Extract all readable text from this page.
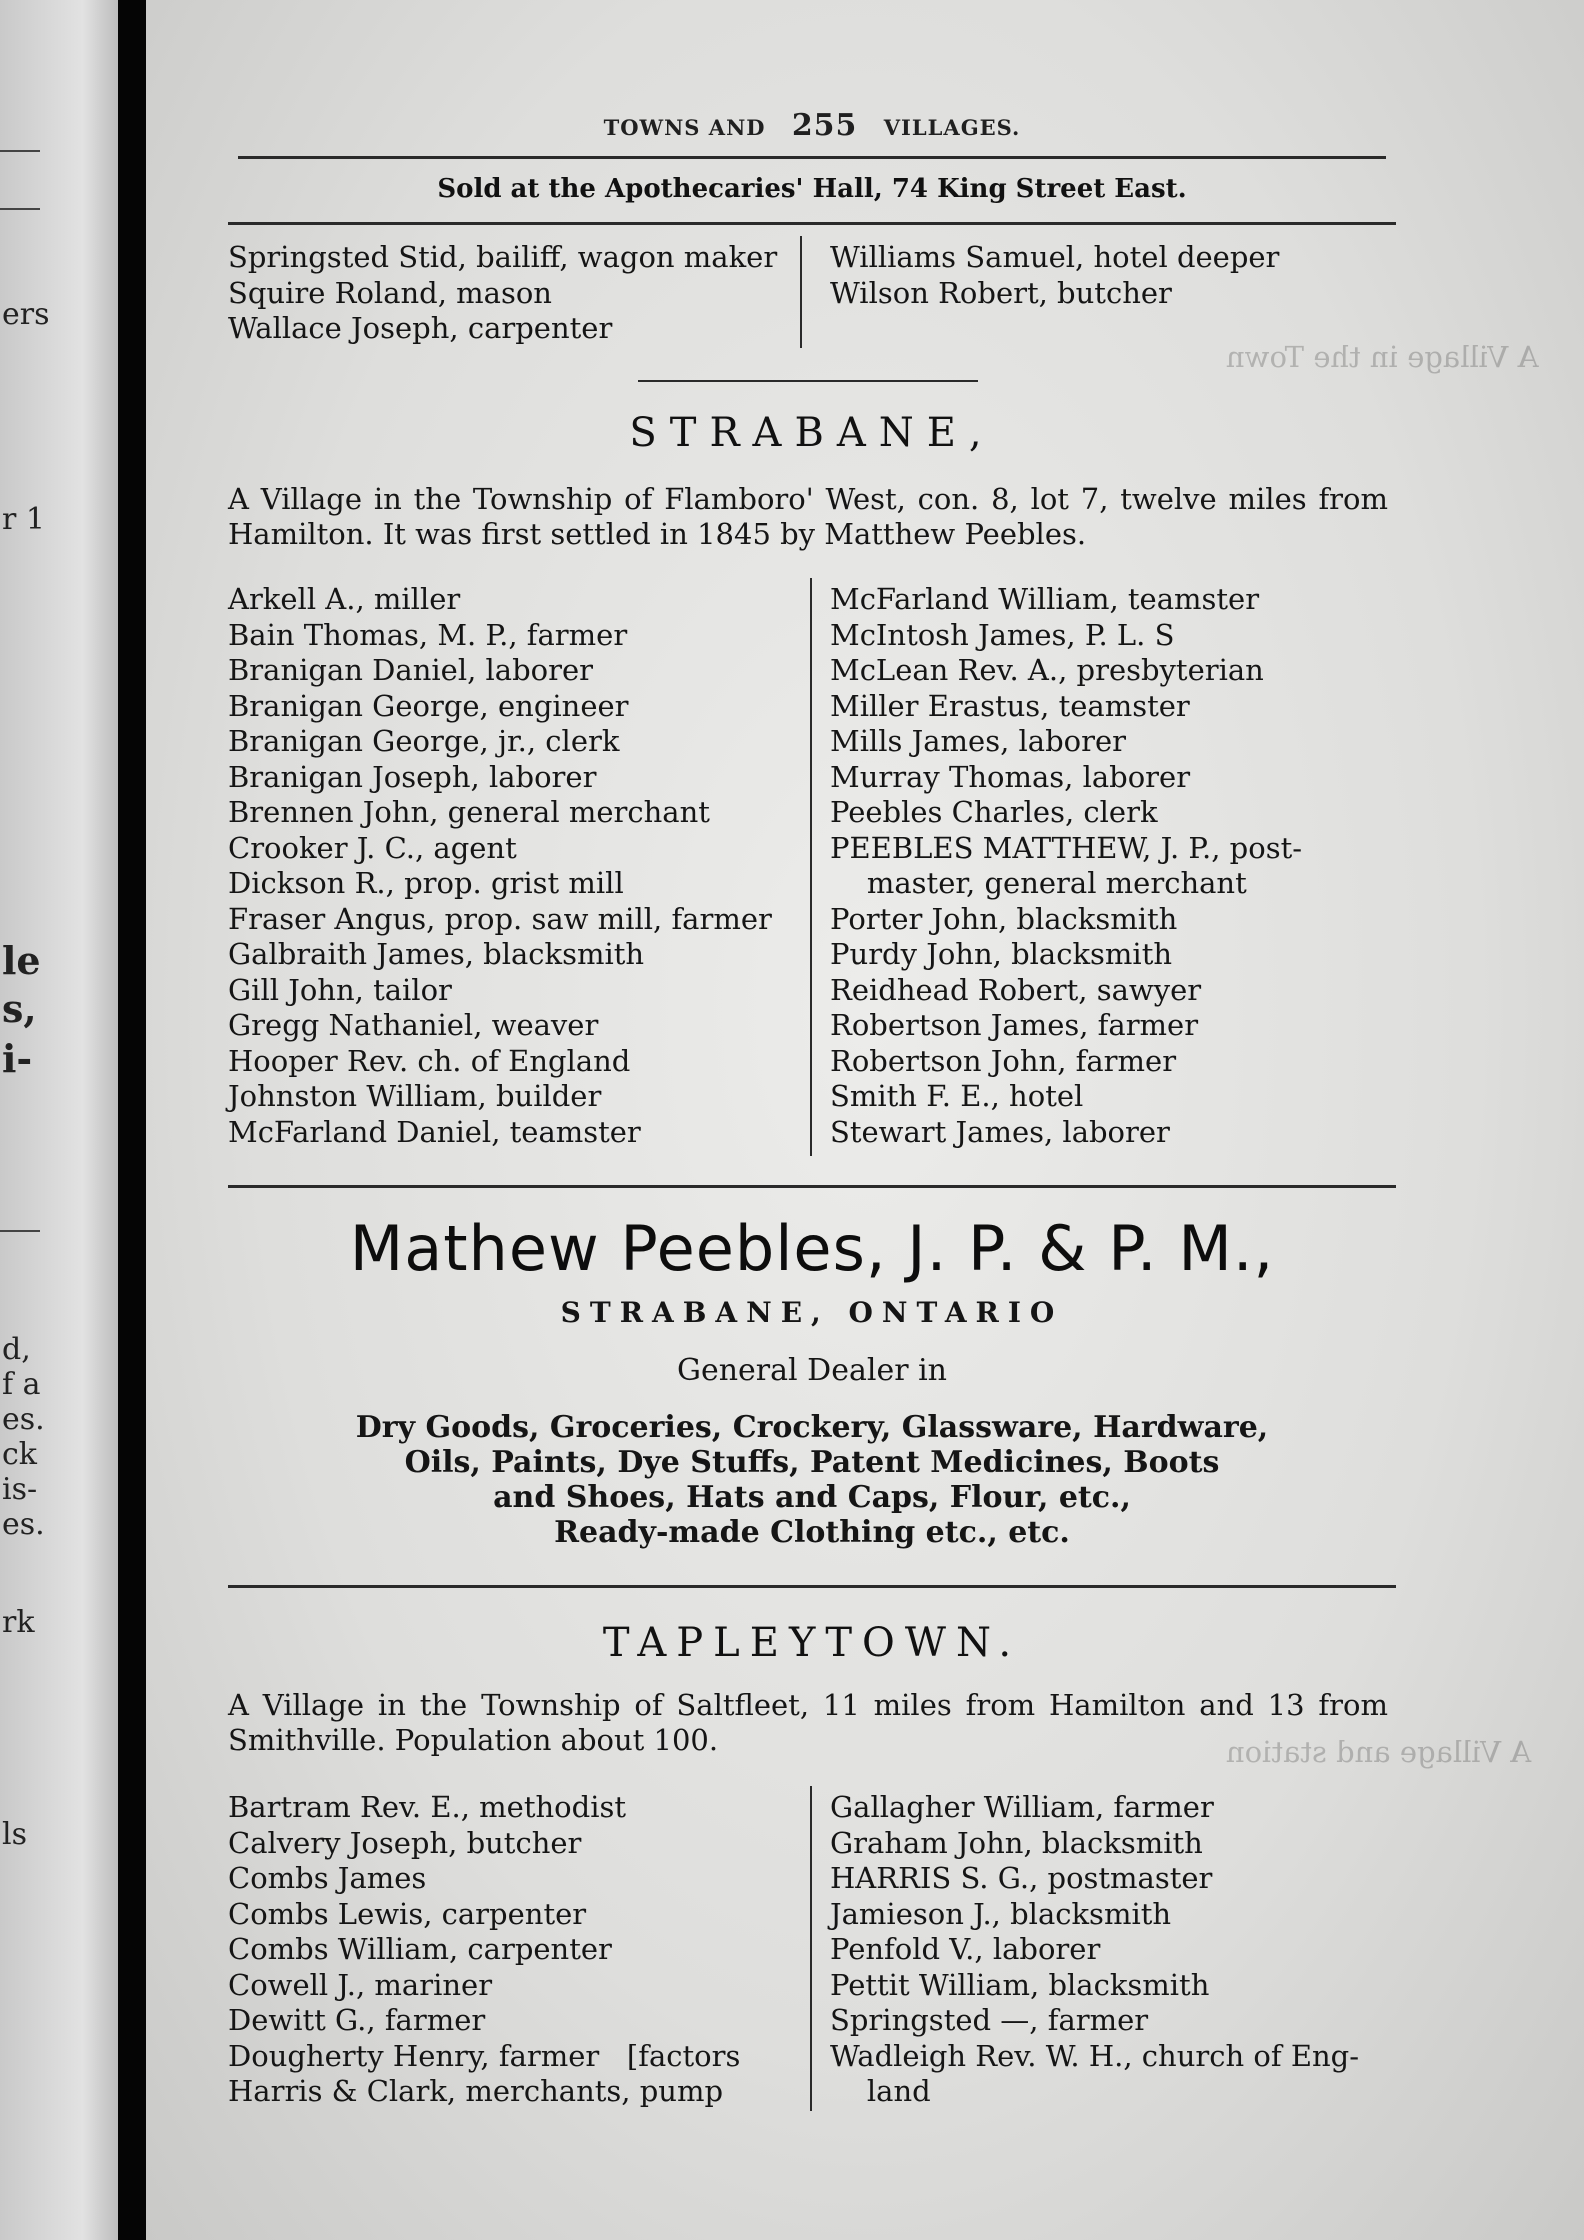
ers
r 1
le
s,
i-
d,
f a
es.
ck
is-
es.
rk
ls
A Village in the Town
A Village and station
TOWNS AND 255 VILLAGES.
Sold at the Apothecaries' Hall, 74 King Street East.
Springsted Stid, bailiff, wagon maker
Squire Roland, mason
Wallace Joseph, carpenter
Williams Samuel, hotel deeper
Wilson Robert, butcher
STRABANE,

A Village in the Township of Flamboro' West, con. 8, lot 7, twelve miles from Hamilton. It was first settled in 1845 by Matthew Peebles.

Arkell A., miller
Bain Thomas, M. P., farmer
Branigan Daniel, laborer
Branigan George, engineer
Branigan George, jr., clerk
Branigan Joseph, laborer
Brennen John, general merchant
Crooker J. C., agent
Dickson R., prop. grist mill
Fraser Angus, prop. saw mill, farmer
Galbraith James, blacksmith
Gill John, tailor
Gregg Nathaniel, weaver
Hooper Rev. ch. of England
Johnston William, builder
McFarland Daniel, teamster
McFarland William, teamster
McIntosh James, P. L. S
McLean Rev. A., presbyterian
Miller Erastus, teamster
Mills James, laborer
Murray Thomas, laborer
Peebles Charles, clerk
PEEBLES MATTHEW, J. P., post-
master, general merchant
Porter John, blacksmith
Purdy John, blacksmith
Reidhead Robert, sawyer
Robertson James, farmer
Robertson John, farmer
Smith F. E., hotel
Stewart James, laborer
Mathew Peebles, J. P. & P. M.,
STRABANE, ONTARIO
General Dealer in
Dry Goods, Groceries, Crockery, Glassware, Hardware,
Oils, Paints, Dye Stuffs, Patent Medicines, Boots
and Shoes, Hats and Caps, Flour, etc.,
Ready-made Clothing etc., etc.
TAPLEYTOWN.

A Village in the Township of Saltfleet, 11 miles from Hamilton and 13 from Smithville. Population about 100.

Bartram Rev. E., methodist
Calvery Joseph, butcher
Combs James
Combs Lewis, carpenter
Combs William, carpenter
Cowell J., mariner
Dewitt G., farmer
Dougherty Henry, farmer   [factors
Harris & Clark, merchants, pump
Gallagher William, farmer
Graham John, blacksmith
HARRIS S. G., postmaster
Jamieson J., blacksmith
Penfold V., laborer
Pettit William, blacksmith
Springsted —, farmer
Wadleigh Rev. W. H., church of Eng-
land
